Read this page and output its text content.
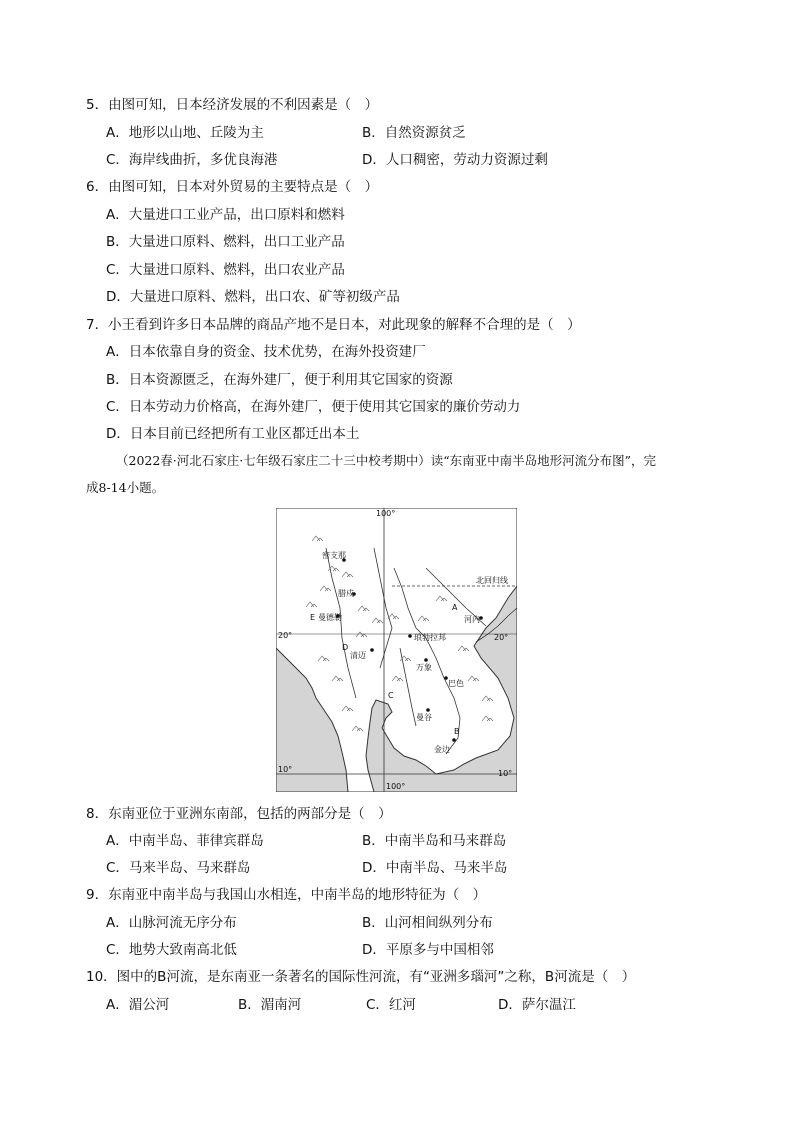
5．由图可知，日本经济发展的不利因素是（　）
A．地形以山地、丘陵为主	B．自然资源贫乏
C．海岸线曲折，多优良海港	D．人口稠密，劳动力资源过剩
6．由图可知，日本对外贸易的主要特点是（　）
A．大量进口工业产品，出口原料和燃料
B．大量进口原料、燃料，出口工业产品
C．大量进口原料、燃料，出口农业产品
D．大量进口原料、燃料，出口农、矿等初级产品
7．小王看到许多日本品牌的商品产地不是日本，对此现象的解释不合理的是（　）
A．日本依靠自身的资金、技术优势，在海外投资建厂
B．日本资源匮乏，在海外建厂，便于利用其它国家的资源
C．日本劳动力价格高，在海外建厂，便于使用其它国家的廉价劳动力
D．日本目前已经把所有工业区都迁出本土
（2022春·河北石家庄·七年级石家庄二十三中校考期中）读“东南亚中南半岛地形河流分布图”，完
成8-14小题。
100°
100°
20°	20°
10°	10°
北回归线
密支那
腊戍
曼德勒
清迈
琅勃拉邦
河内
万象
巴色
曼谷
金边
A
B
C
D
E
8．东南亚位于亚洲东南部，包括的两部分是（　）
A．中南半岛、菲律宾群岛	B．中南半岛和马来群岛
C．马来半岛、马来群岛	D．中南半岛、马来半岛
9．东南亚中南半岛与我国山水相连，中南半岛的地形特征为（　）
A．山脉河流无序分布	B．山河相间纵列分布
C．地势大致南高北低	D．平原多与中国相邻
10．图中的B河流，是东南亚一条著名的国际性河流，有“亚洲多瑙河”之称，B河流是（　）
A．湄公河	B．湄南河	C．红河	D．萨尔温江
